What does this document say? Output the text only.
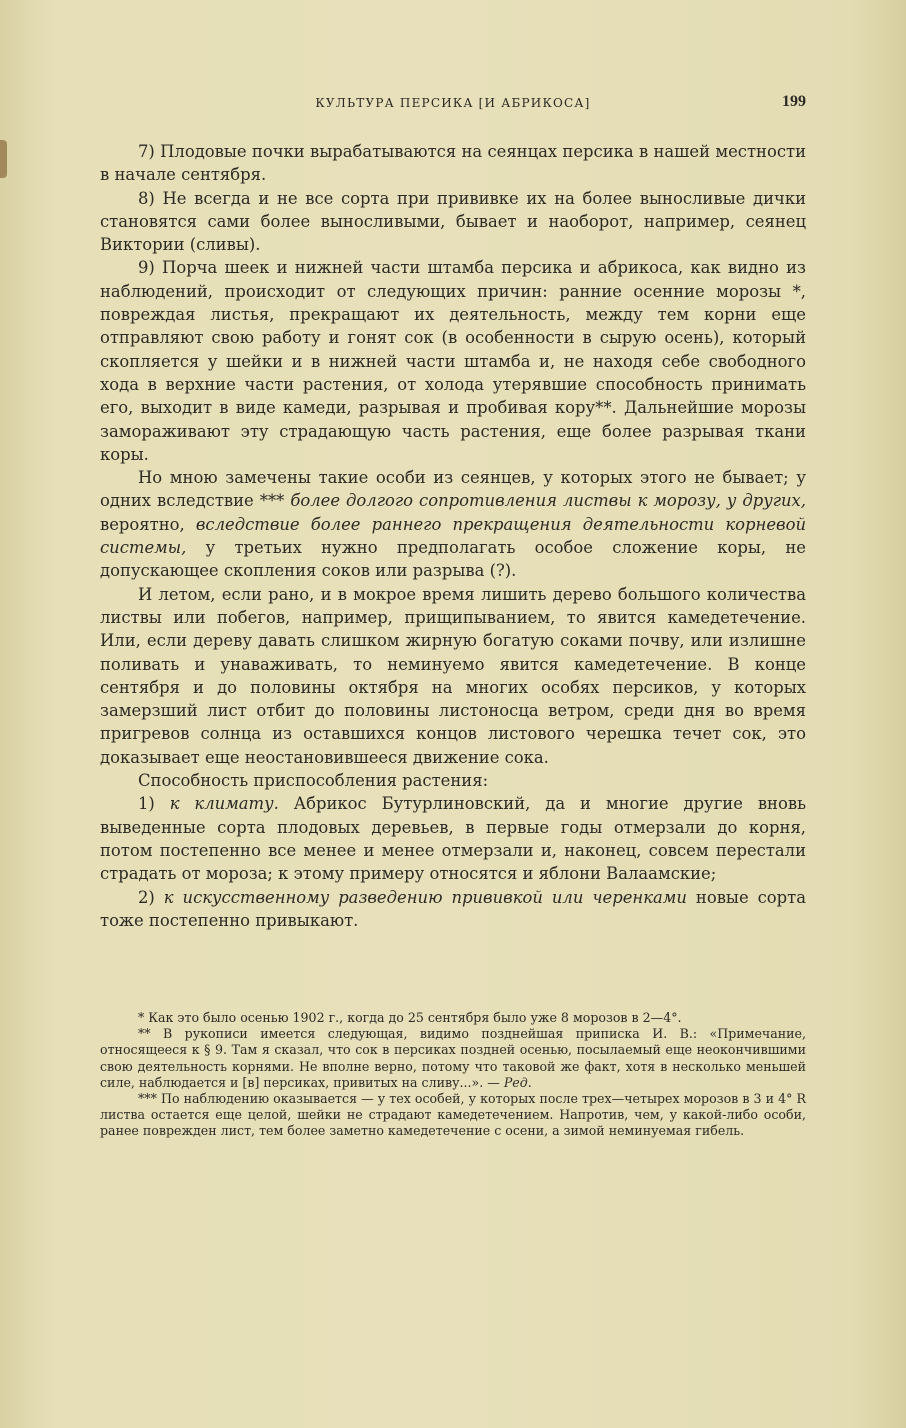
КУЛЬТУРА ПЕРСИКА [И АБРИКОСА]	199

7) Плодовые почки вырабатываются на сеянцах персика в нашей местности в начале сентября.

8) Не всегда и не все сорта при прививке их на более выносливые дички становятся сами более выносливыми, бывает и наоборот, например, сеянец Виктории (сливы).

9) Порча шеек и нижней части штамба персика и абрикоса, как видно из наблюдений, происходит от следующих причин: ранние осенние морозы *, повреждая листья, прекращают их деятельность, между тем корни еще отправляют свою работу и гонят сок (в особенности в сырую осень), который скопляется у шейки и в нижней части штамба и, не находя себе свободного хода в верхние части растения, от холода утерявшие способность принимать его, выходит в виде камеди, разрывая и пробивая кору**. Дальнейшие морозы замораживают эту страдающую часть растения, еще более разрывая ткани коры.

Но мною замечены такие особи из сеянцев, у которых этого не бывает; у одних вследствие *** более долгого сопротивления листвы к морозу, у других, вероятно, вследствие более раннего прекращения деятельности корневой системы, у третьих нужно предполагать особое сложение коры, не допускающее скопления соков или разрыва (?).

И летом, если рано, и в мокрое время лишить дерево большого количества листвы или побегов, например, прищипыванием, то явится камедетечение. Или, если дереву давать слишком жирную богатую соками почву, или излишне поливать и унаваживать, то неминуемо явится камедетечение. В конце сентября и до половины октября на многих особях персиков, у которых замерзший лист отбит до половины листоносца ветром, среди дня во время пригревов солнца из оставшихся концов листового черешка течет сок, это доказывает еще неостановившееся движение сока.

Способность приспособления растения:

1) к климату. Абрикос Бутурлиновский, да и многие другие вновь выведенные сорта плодовых деревьев, в первые годы отмерзали до корня, потом постепенно все менее и менее отмерзали и, наконец, совсем перестали страдать от мороза; к этому примеру относятся и яблони Валаамские;

2) к искусственному разведению прививкой или черенками новые сорта тоже постепенно привыкают.

* Как это было осенью 1902 г., когда до 25 сентября было уже 8 морозов в 2—4°.

** В рукописи имеется следующая, видимо позднейшая приписка И. В.: «Примечание, относящееся к § 9. Там я сказал, что сок в персиках поздней осенью, посылаемый еще неокончившими свою деятельность корнями. Не вполне верно, потому что таковой же факт, хотя в несколько меньшей силе, наблюдается и [в] персиках, привитых на сливу...». — Ред.

*** По наблюдению оказывается — у тех особей, у которых после трех—четырех морозов в 3 и 4° R листва остается еще целой, шейки не страдают камедетечением. Напротив, чем, у какой-либо особи, ранее поврежден лист, тем более заметно камедетечение с осени, а зимой неминуемая гибель.
